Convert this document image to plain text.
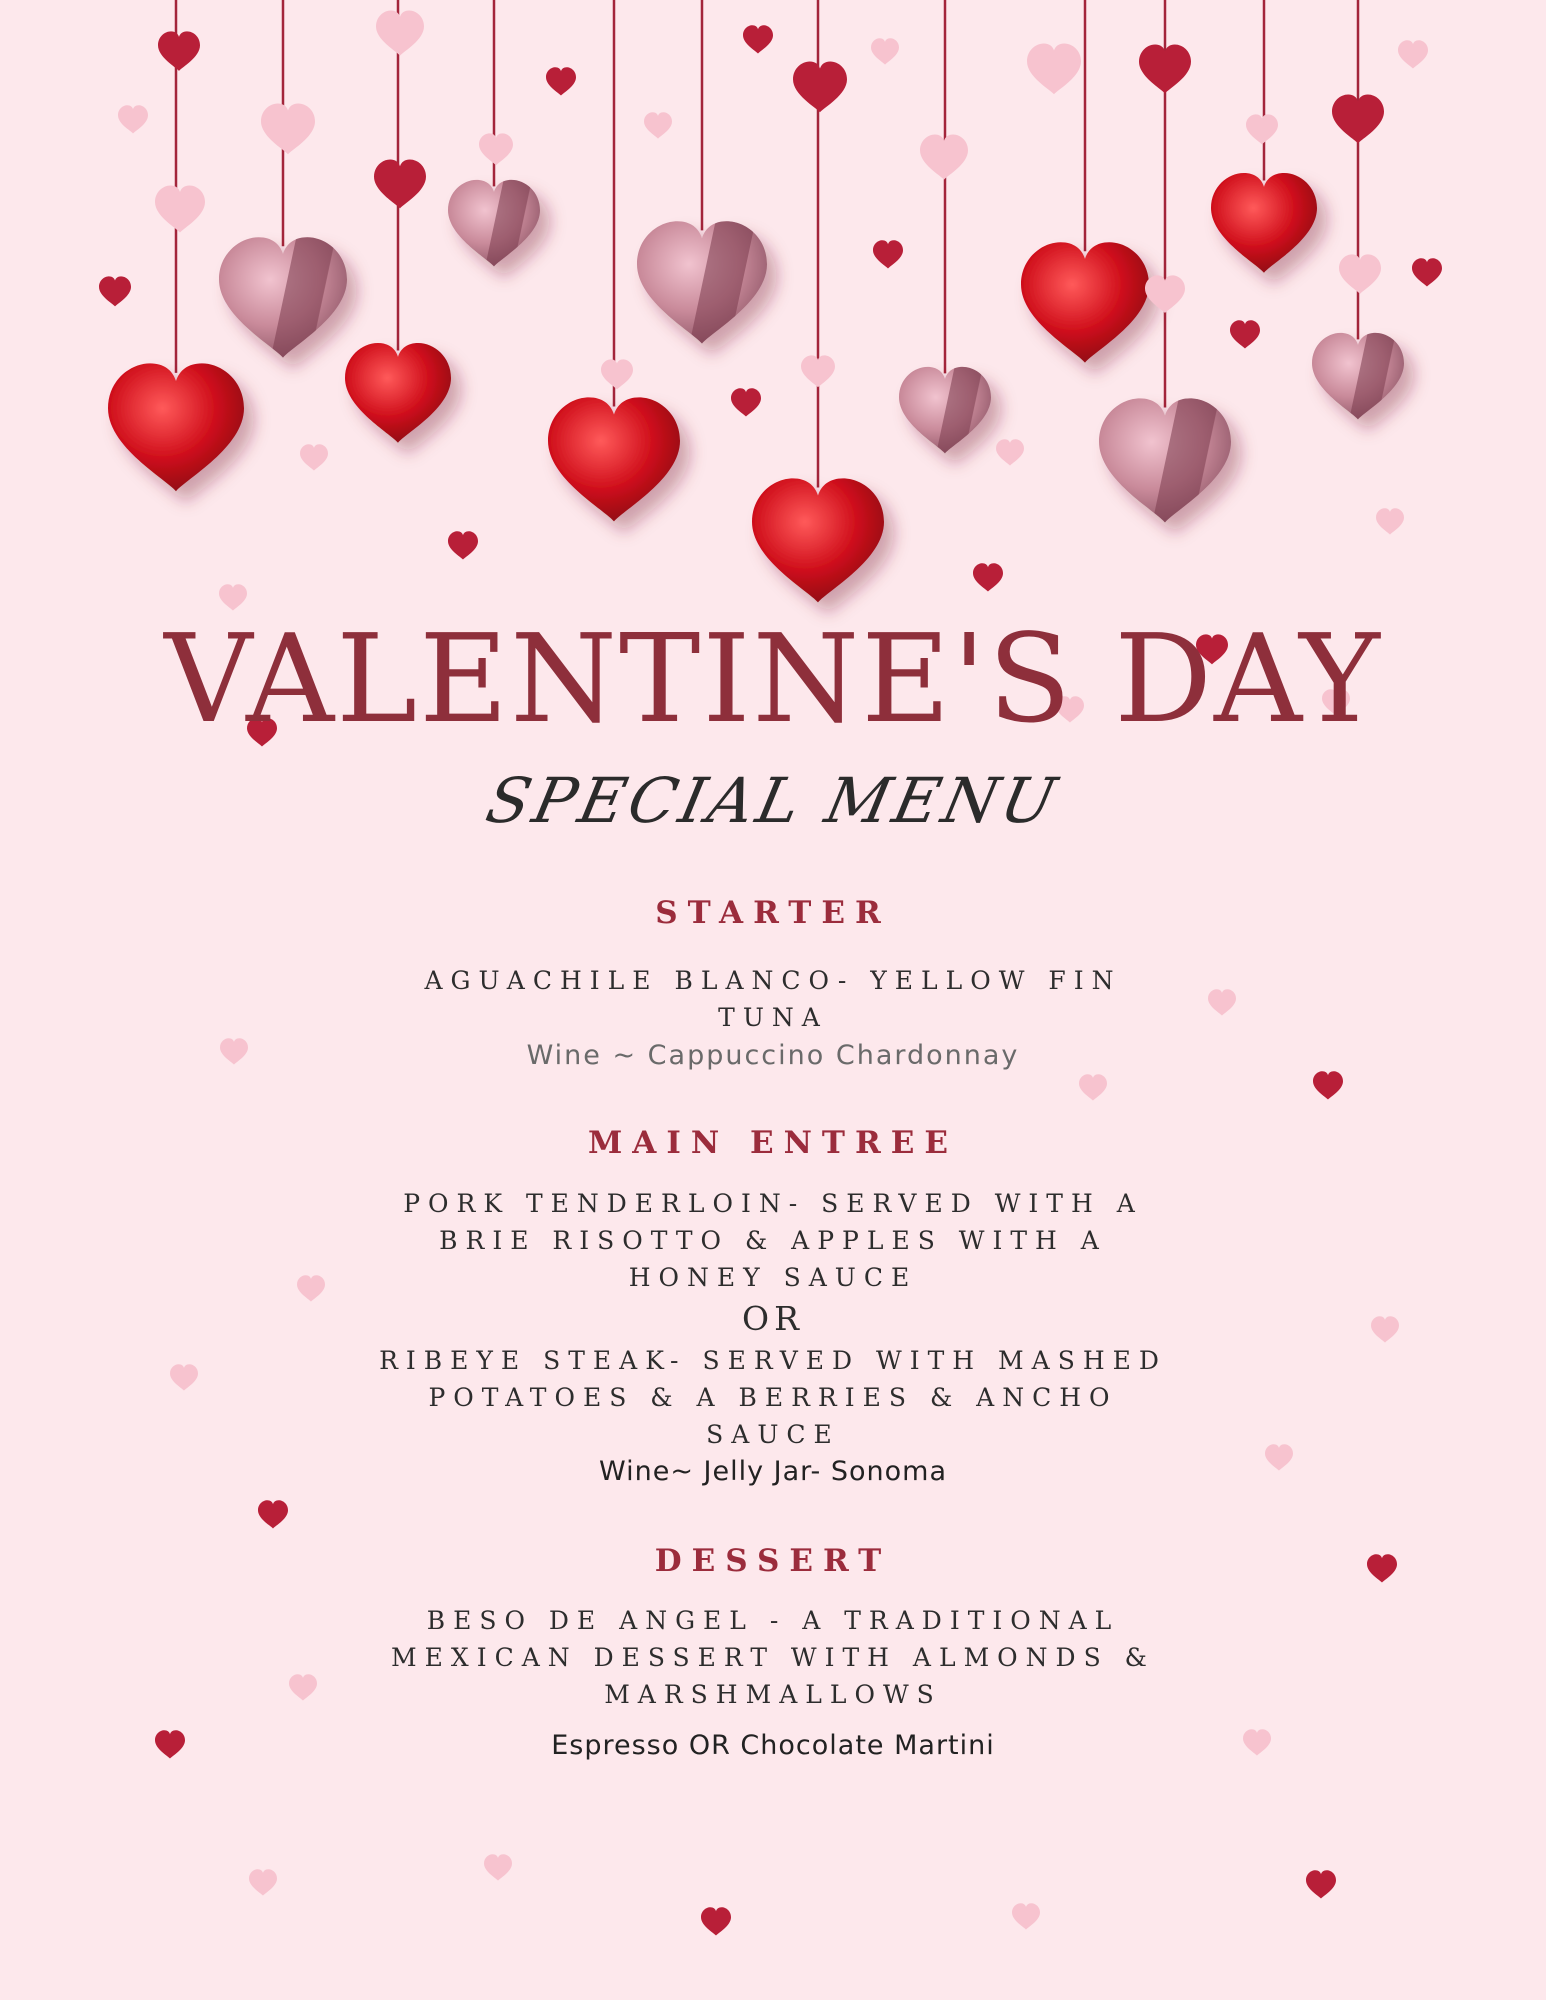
VALENTINE'S DAY
SPECIAL MENU
STARTER
AGUACHILE BLANCO- YELLOW FIN TUNA
Wine ~ Cappuccino Chardonnay
MAIN ENTREE
PORK TENDERLOIN- SERVED WITH A BRIE RISOTTO & APPLES WITH A HONEY SAUCE
OR
RIBEYE STEAK- SERVED WITH MASHED POTATOES & A BERRIES & ANCHO SAUCE
Wine~ Jelly Jar- Sonoma
DESSERT
BESO DE ANGEL - A TRADITIONAL MEXICAN DESSERT WITH ALMONDS & MARSHMALLOWS
Espresso OR Chocolate Martini
